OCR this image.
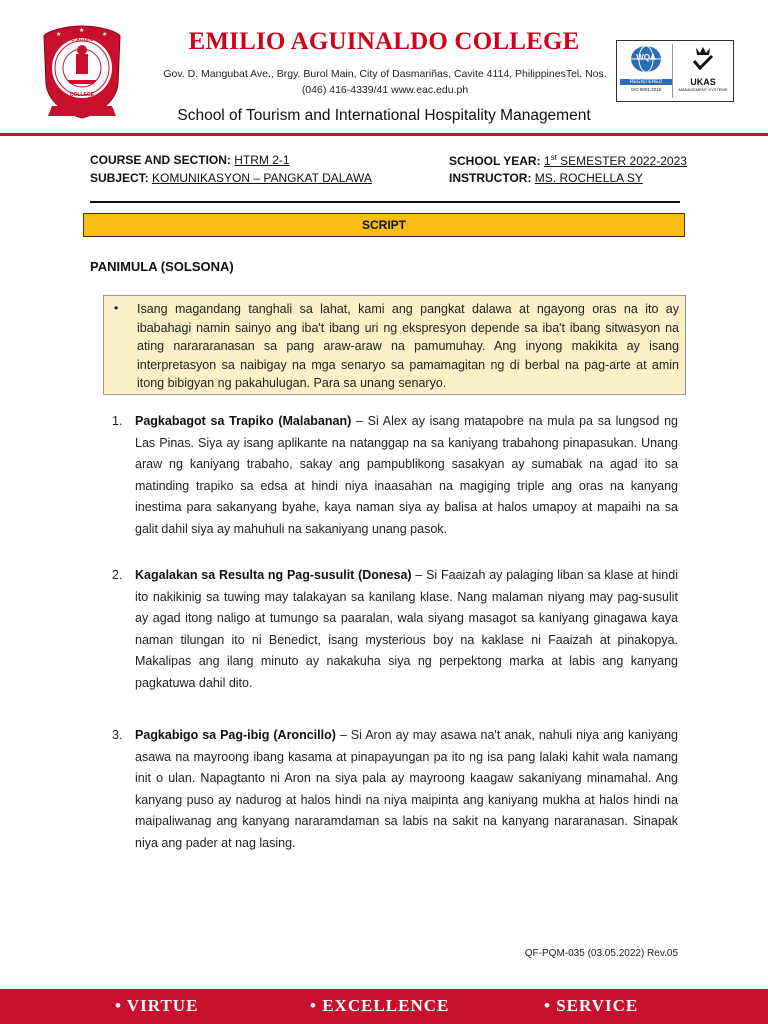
★	★
★
EMILIO AGUINALDO
COLLEGE
EMILIO AGUINALDO COLLEGE
Gov. D. Mangubat Ave., Brgy. Burol Main, City of Dasmariñas, Cavite 4114, PhilippinesTel. Nos.
(046) 416-4339/41 www.eac.edu.ph
School of Tourism and International Hospitality Management
WQA
REGISTERED
ISO 9001:2015
UKAS
MANAGEMENT SYSTEMS
COURSE AND SECTION: HTRM 2-1
SUBJECT: KOMUNIKASYON – PANGKAT DALAWA
SCHOOL YEAR: 1st SEMESTER 2022-2023
INSTRUCTOR: MS. ROCHELLA SY
SCRIPT
PANIMULA (SOLSONA)
• Isang magandang tanghali sa lahat, kami ang pangkat dalawa at ngayong oras na ito ay ibabahagi namin sainyo ang iba't ibang uri ng ekspresyon depende sa iba't ibang sitwasyon na ating narararanasan sa pang araw-araw na pamumuhay. Ang inyong makikita ay isang interpretasyon sa naibigay na mga senaryo sa pamamagitan ng di berbal na pag-arte at amin itong bibigyan ng pakahulugan. Para sa unang senaryo.
1. Pagkabagot sa Trapiko (Malabanan) – Si Alex ay isang matapobre na mula pa sa lungsod ng Las Pinas. Siya ay isang aplikante na natanggap na sa kaniyang trabahong pinapasukan. Unang araw ng kaniyang trabaho, sakay ang pampublikong sasakyan ay sumabak na agad ito sa matinding trapiko sa edsa at hindi niya inaasahan na magiging triple ang oras na kanyang inestima para sakanyang byahe, kaya naman siya ay balisa at halos umapoy at mapaihi na sa galit dahil siya ay mahuhuli na sakaniyang unang pasok.
2. Kagalakan sa Resulta ng Pag-susulit (Donesa) – Si Faaizah ay palaging liban sa klase at hindi ito nakikinig sa tuwing may talakayan sa kanilang klase. Nang malaman niyang may pag-susulit ay agad itong naligo at tumungo sa paaralan, wala siyang masagot sa kaniyang ginagawa kaya naman tilungan ito ni Benedict, isang mysterious boy na kaklase ni Faaizah at pinakopya. Makalipas ang ilang minuto ay nakakuha siya ng perpektong marka at labis ang kanyang pagkatuwa dahil dito.
3. Pagkabigo sa Pag-ibig (Aroncillo) – Si Aron ay may asawa na't anak, nahuli niya ang kaniyang asawa na mayroong ibang kasama at pinapayungan pa ito ng isa pang lalaki kahit wala namang init o ulan. Napagtanto ni Aron na siya pala ay mayroong kaagaw sakaniyang minamahal. Ang kanyang puso ay nadurog at halos hindi na niya maipinta ang kaniyang mukha at halos hindi na maipaliwanag ang kanyang nararamdaman sa labis na sakit na kanyang nararanasan. Sinapak niya ang pader at nag lasing.
QF-PQM-035 (03.05.2022) Rev.05
• VIRTUE	• EXCELLENCE	• SERVICE
